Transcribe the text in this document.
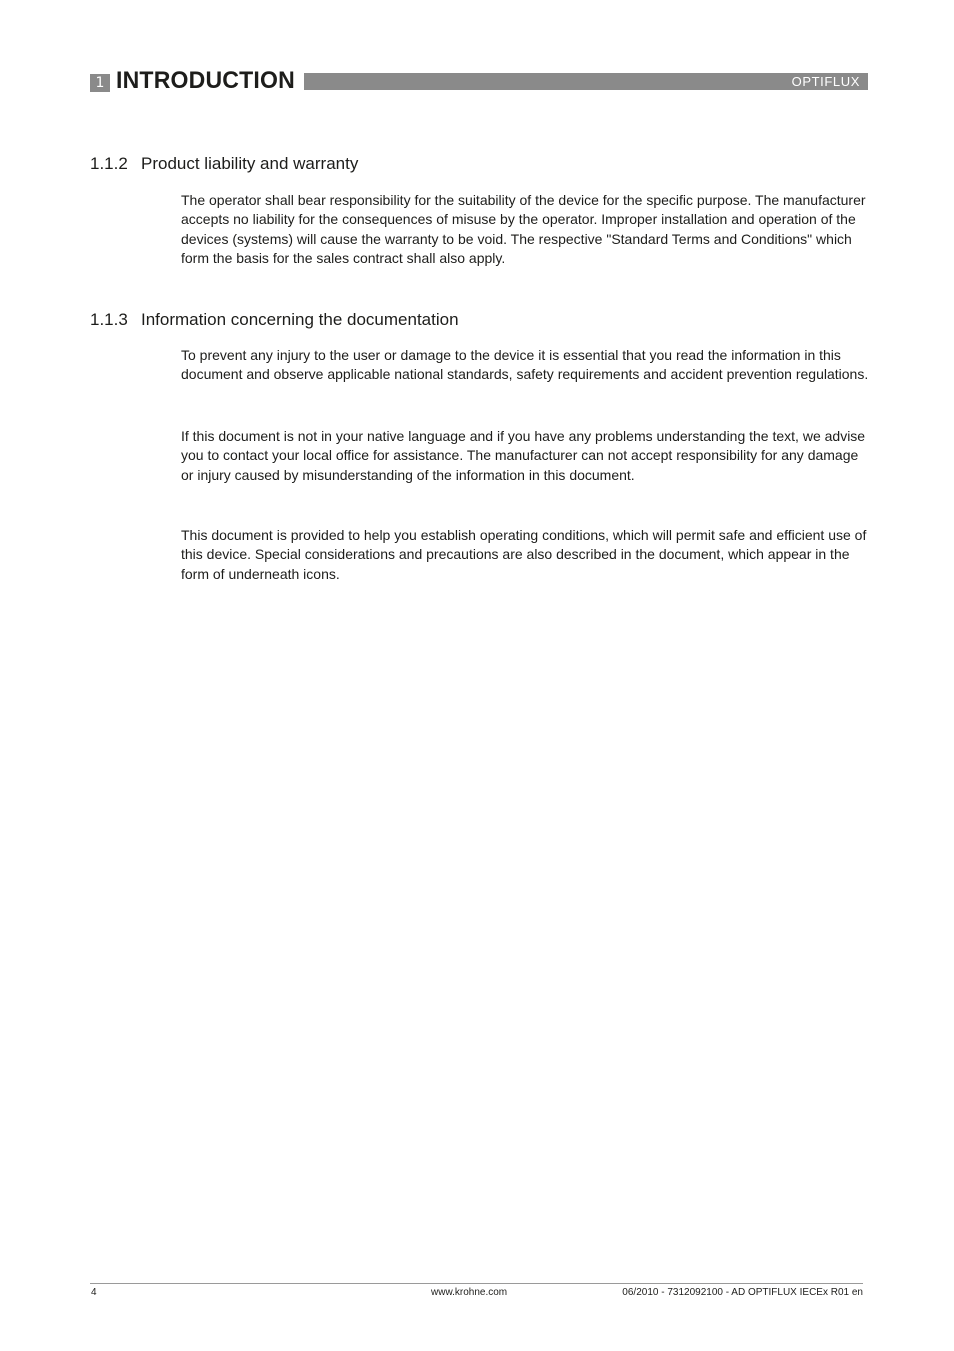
1 INTRODUCTION	OPTIFLUX
1.1.2 Product liability and warranty

The operator shall bear responsibility for the suitability of the device for the specific purpose. The manufacturer accepts no liability for the consequences of misuse by the operator. Improper installation and operation of the devices (systems) will cause the warranty to be void. The respective "Standard Terms and Conditions" which form the basis for the sales contract shall also apply.

1.1.3 Information concerning the documentation

To prevent any injury to the user or damage to the device it is essential that you read the information in this document and observe applicable national standards, safety requirements and accident prevention regulations.

If this document is not in your native language and if you have any problems understanding the text, we advise you to contact your local office for assistance. The manufacturer can not accept responsibility for any damage or injury caused by misunderstanding of the information in this document.

This document is provided to help you establish operating conditions, which will permit safe and efficient use of this device. Special considerations and precautions are also described in the document, which appear in the form of underneath icons.

4	www.krohne.com	06/2010 - 7312092100 - AD OPTIFLUX IECEx R01 en
